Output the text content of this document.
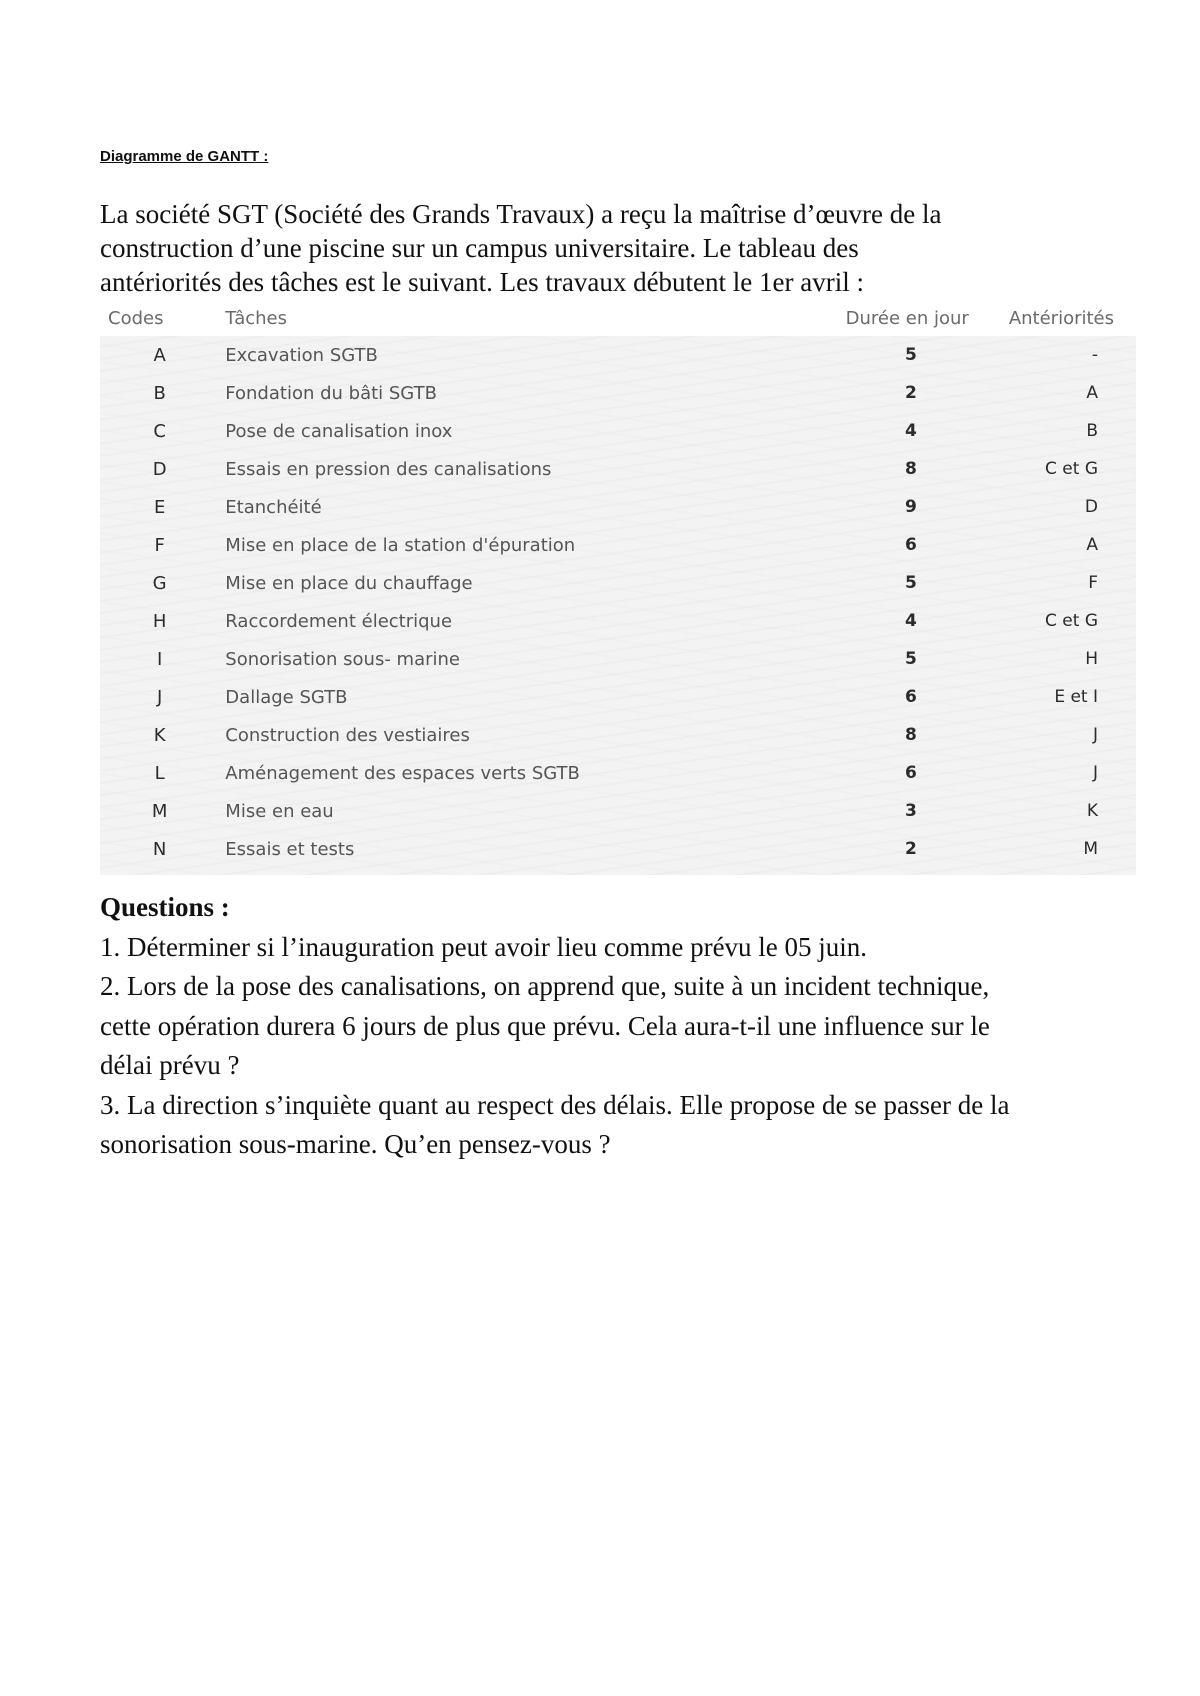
Diagramme de GANTT :

La société SGT (Société des Grands Travaux) a reçu la maîtrise d’œuvre de la

construction d’une piscine sur un campus universitaire. Le tableau des

antériorités des tâches est le suivant. Les travaux débutent le 1er avril :

Codes	Tâches	Durée en jour	Antériorités
A	Excavation SGTB	5	-
B	Fondation du bâti SGTB	2	A
C	Pose de canalisation inox	4	B
D	Essais en pression des canalisations	8	C et G
E	Etanchéité	9	D
F	Mise en place de la station d'épuration	6	A
G	Mise en place du chauffage	5	F
H	Raccordement électrique	4	C et G
I	Sonorisation sous- marine	5	H
J	Dallage SGTB	6	E et I
K	Construction des vestiaires	8	J
L	Aménagement des espaces verts SGTB	6	J
M	Mise en eau	3	K
N	Essais et tests	2	M

Questions :

1. Déterminer si l’inauguration peut avoir lieu comme prévu le 05 juin.

2. Lors de la pose des canalisations, on apprend que, suite à un incident technique,

cette opération durera 6 jours de plus que prévu. Cela aura-t-il une influence sur le

délai prévu ?

3. La direction s’inquiète quant au respect des délais. Elle propose de se passer de la

sonorisation sous-marine. Qu’en pensez-vous ?
